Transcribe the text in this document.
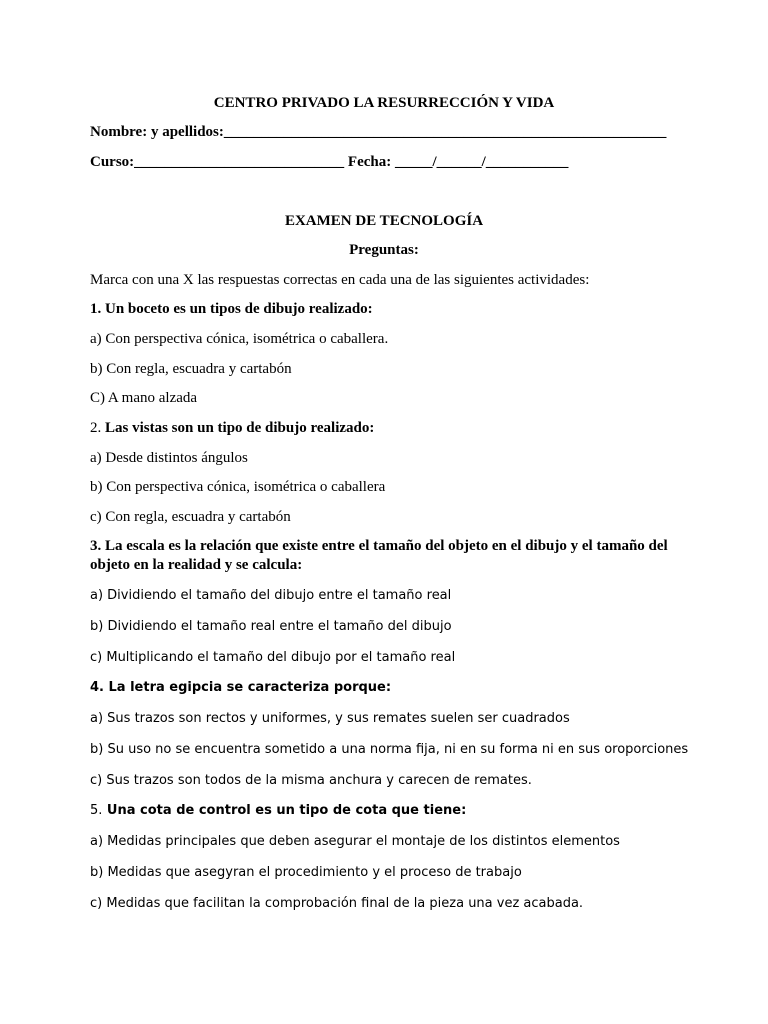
CENTRO PRIVADO LA RESURRECCIÓN Y VIDA
Nombre: y apellidos:___________________________________________________________
Curso:____________________________ Fecha: _____/______/___________
EXAMEN DE TECNOLOGÍA
Preguntas:
Marca con una X las respuestas correctas en cada una de las siguientes actividades:
1. Un boceto es un tipos de dibujo realizado:
a) Con perspectiva cónica, isométrica o caballera.
b) Con regla, escuadra y cartabón
C) A mano alzada
2. Las vistas son un tipo de dibujo realizado:
a) Desde distintos ángulos
b) Con perspectiva cónica, isométrica o caballera
c) Con regla, escuadra y cartabón
3. La escala es la relación que existe entre el tamaño del objeto en el dibujo y el tamaño del objeto en la realidad y se calcula:
a) Dividiendo el tamaño del dibujo entre el tamaño real
b) Dividiendo el tamaño real entre el tamaño del dibujo
c) Multiplicando el tamaño del dibujo por el tamaño real
4. La letra egipcia se caracteriza porque:
a) Sus trazos son rectos y uniformes, y sus remates suelen ser cuadrados
b) Su uso no se encuentra sometido a una norma fija, ni en su forma ni en sus oroporciones
c) Sus trazos son todos de la misma anchura y carecen de remates.
5. Una cota de control es un tipo de cota que tiene:
a) Medidas principales que deben asegurar el montaje de los distintos elementos
b) Medidas que asegyran el procedimiento y el proceso de trabajo
c) Medidas que facilitan la comprobación final de la pieza una vez acabada.
